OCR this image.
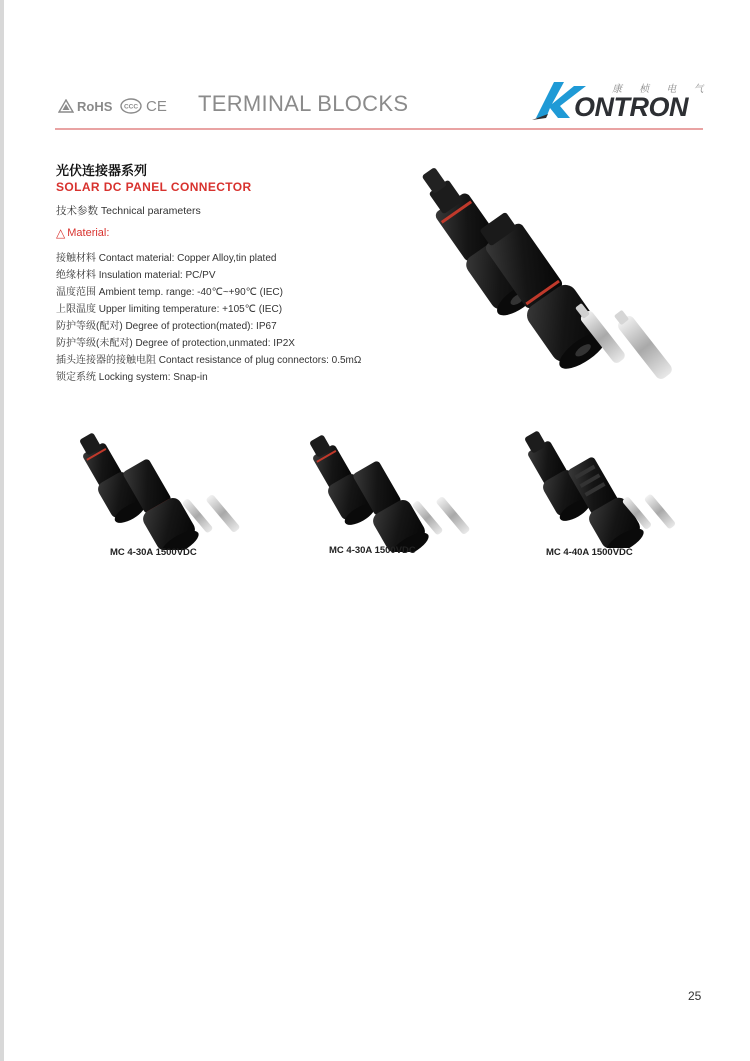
RoHS CCC CE TERMINAL BLOCKS
康 桢 电 气
ONTRON
光伏连接器系列
SOLAR DC PANEL CONNECTOR
技术参数 Technical parameters
△ Material:
接触材料 Contact material: Copper Alloy,tin plated
绝缘材料 Insulation material: PC/PV
温度范围 Ambient temp. range: -40℃~+90℃ (IEC)
上限温度 Upper limiting temperature: +105℃ (IEC)
防护等级(配对) Degree of protection(mated): IP67
防护等级(未配对) Degree of protection,unmated: IP2X
插头连接器的接触电阻 Contact resistance of plug connectors: 0.5mΩ
锁定系统 Locking system: Snap-in
MC 4-30A 1500VDC	MC 4-30A 1500VDC	MC 4-40A 1500VDC
25
